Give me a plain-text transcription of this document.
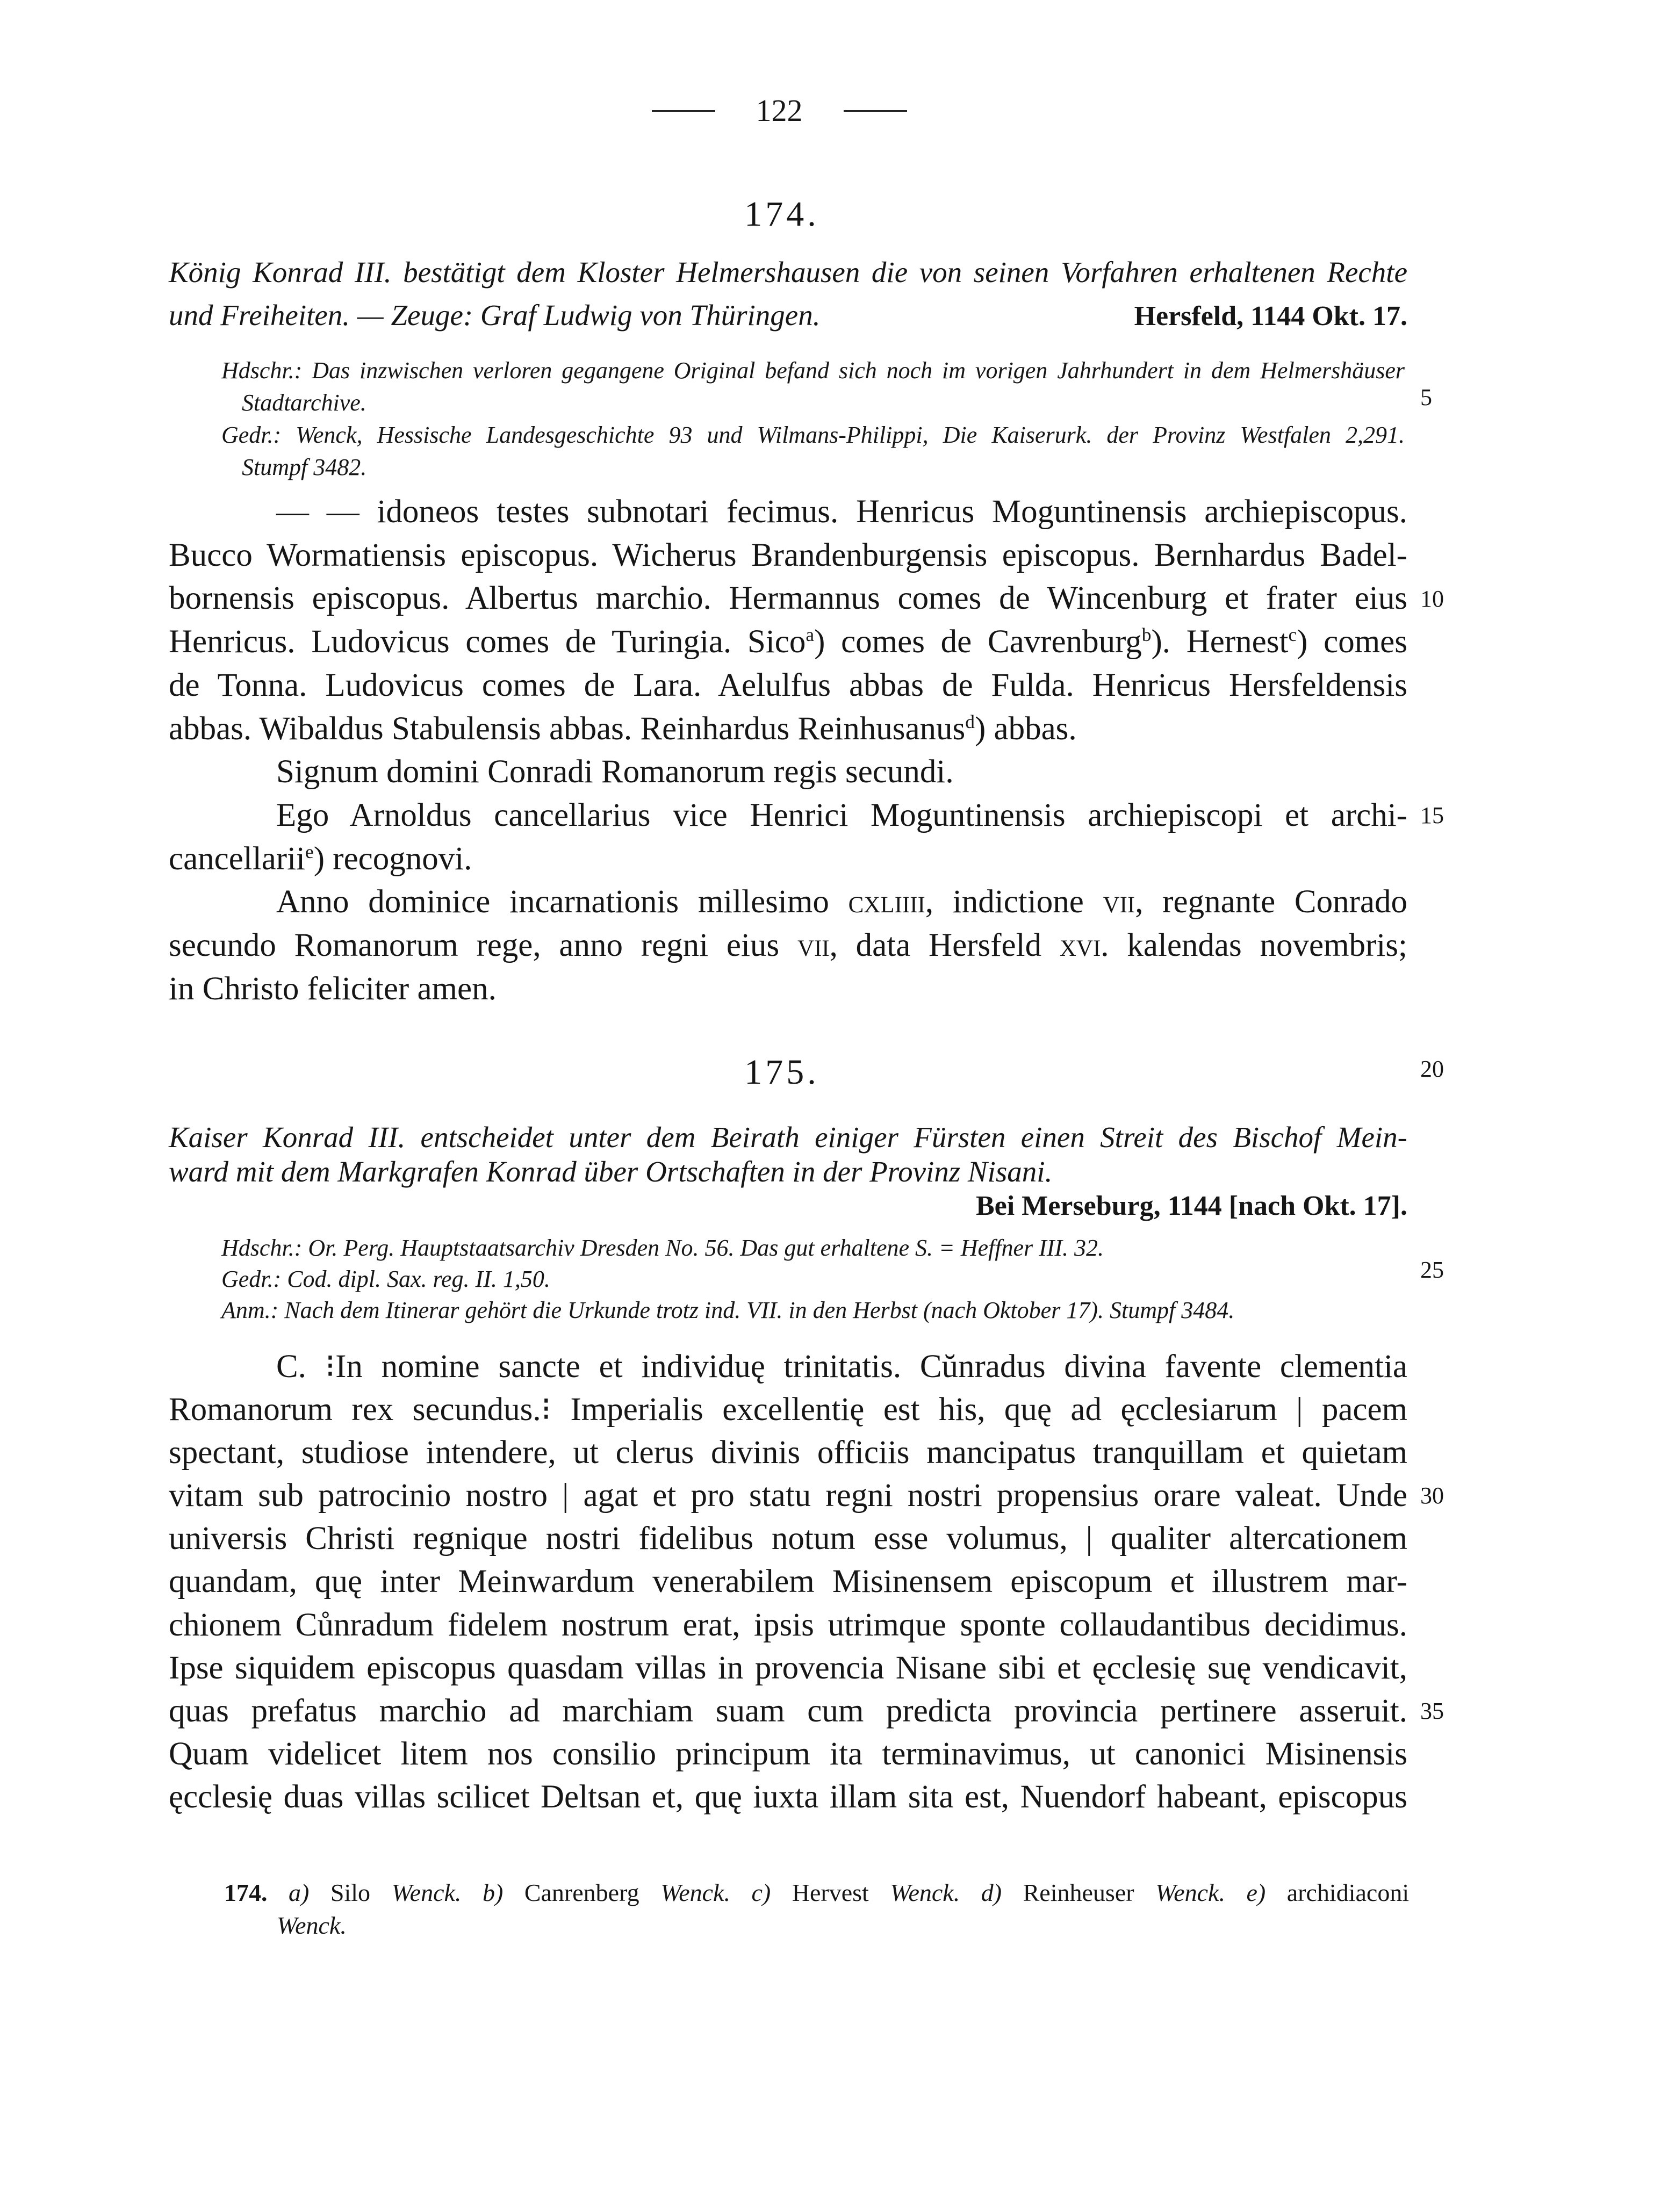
122
174.
König Konrad III. bestätigt dem Kloster Helmershausen die von seinen Vorfahren erhaltenen Rechte
und Freiheiten. — Zeuge: Graf Ludwig von Thüringen.	Hersfeld, 1144 Okt. 17.
Hdschr.: Das inzwischen verloren gegangene Original befand sich noch im vorigen Jahrhundert in dem Helmershäuser
Stadtarchive.
Gedr.: Wenck, Hessische Landesgeschichte 93 und Wilmans-Philippi, Die Kaiserurk. der Provinz Westfalen 2,291.
Stumpf 3482.
— — idoneos testes subnotari fecimus. Henricus Moguntinensis archiepiscopus.
Bucco Wormatiensis episcopus. Wicherus Brandenburgensis episcopus. Bernhardus Badel-
bornensis episcopus. Albertus marchio. Hermannus comes de Wincenburg et frater eius
Henricus. Ludovicus comes de Turingia. Sico$^a$) comes de Cavrenburg$^b$). Hernest$^c$) comes
de Tonna. Ludovicus comes de Lara. Aelulfus abbas de Fulda. Henricus Hersfeldensis
abbas. Wibaldus Stabulensis abbas. Reinhardus Reinhusanus$^d$) abbas.
Signum domini Conradi Romanorum regis secundi.
Ego Arnoldus cancellarius vice Henrici Moguntinensis archiepiscopi et archi-
cancellarii$^e$) recognovi.
Anno dominice incarnationis millesimo cxliiii, indictione vii, regnante Conrado
secundo Romanorum rege, anno regni eius vii, data Hersfeld xvi. kalendas novembris;
in Christo feliciter amen.
175.
Kaiser Konrad III. entscheidet unter dem Beirath einiger Fürsten einen Streit des Bischof Mein-
ward mit dem Markgrafen Konrad über Ortschaften in der Provinz Nisani.
Bei Merseburg, 1144 [nach Okt. 17].
Hdschr.: Or. Perg. Hauptstaatsarchiv Dresden No. 56. Das gut erhaltene S. = Heffner III. 32.
Gedr.: Cod. dipl. Sax. reg. II. 1,50.
Anm.: Nach dem Itinerar gehört die Urkunde trotz ind. VII. in den Herbst (nach Oktober 17). Stumpf 3484.
C. ⁝In nomine sancte et individuę trinitatis. Cŭnradus divina favente clementia
Romanorum rex secundus.⁝ Imperialis excellentię est his, quę ad ęcclesiarum | pacem
spectant, studiose intendere, ut clerus divinis officiis mancipatus tranquillam et quietam
vitam sub patrocinio nostro | agat et pro statu regni nostri propensius orare valeat. Unde
universis Christi regnique nostri fidelibus notum esse volumus, | qualiter altercationem
quandam, quę inter Meinwardum venerabilem Misinensem episcopum et illustrem mar-
chionem Cůnradum fidelem nostrum erat, ipsis utrimque sponte collaudantibus decidimus.
Ipse siquidem episcopus quasdam villas in provencia Nisane sibi et ęcclesię suę vendicavit,
quas prefatus marchio ad marchiam suam cum predicta provincia pertinere asseruit.
Quam videlicet litem nos consilio principum ita terminavimus, ut canonici Misinensis
ęcclesię duas villas scilicet Deltsan et, quę iuxta illam sita est, Nuendorf habeant, episcopus
174. a) Silo Wenck. b) Canrenberg Wenck. c) Hervest Wenck. d) Reinheuser Wenck. e) archidiaconi
Wenck.
5
10
15
20
25
30
35
